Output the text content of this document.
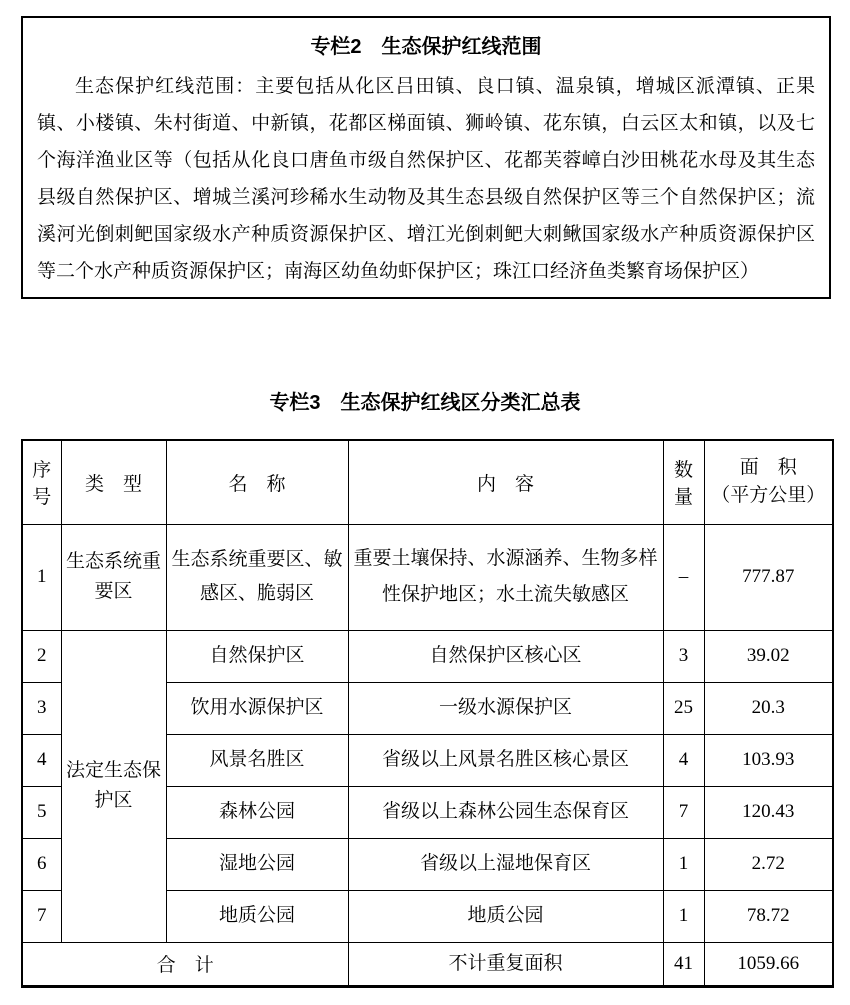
专栏2　生态保护红线范围
生态保护红线范围：主要包括从化区吕田镇、良口镇、温泉镇，增城区派潭镇、正果镇、小楼镇、朱村街道、中新镇，花都区梯面镇、狮岭镇、花东镇，白云区太和镇，以及七个海洋渔业区等（包括从化良口唐鱼市级自然保护区、花都芙蓉嶂白沙田桃花水母及其生态县级自然保护区、增城兰溪河珍稀水生动物及其生态县级自然保护区等三个自然保护区；流溪河光倒刺鲃国家级水产种质资源保护区、增江光倒刺鲃大刺鳅国家级水产种质资源保护区等二个水产种质资源保护区；南海区幼鱼幼虾保护区；珠江口经济鱼类繁育场保护区）
专栏3　生态保护红线区分类汇总表
序号	类　型	名　称	内　容	数量	面　积
（平方公里）

1	生态系统重要区	生态系统重要区、敏感区、脆弱区	重要土壤保持、水源涵养、生物多样性保护地区；水土流失敏感区	–	777.87
2	法定生态保护区	自然保护区	自然保护区核心区	3	39.02
3		饮用水源保护区	一级水源保护区	25	20.3
4		风景名胜区	省级以上风景名胜区核心景区	4	103.93
5		森林公园	省级以上森林公园生态保育区	7	120.43
6		湿地公园	省级以上湿地保育区	1	2.72
7		地质公园	地质公园	1	78.72
合　计			不计重复面积	41	1059.66
